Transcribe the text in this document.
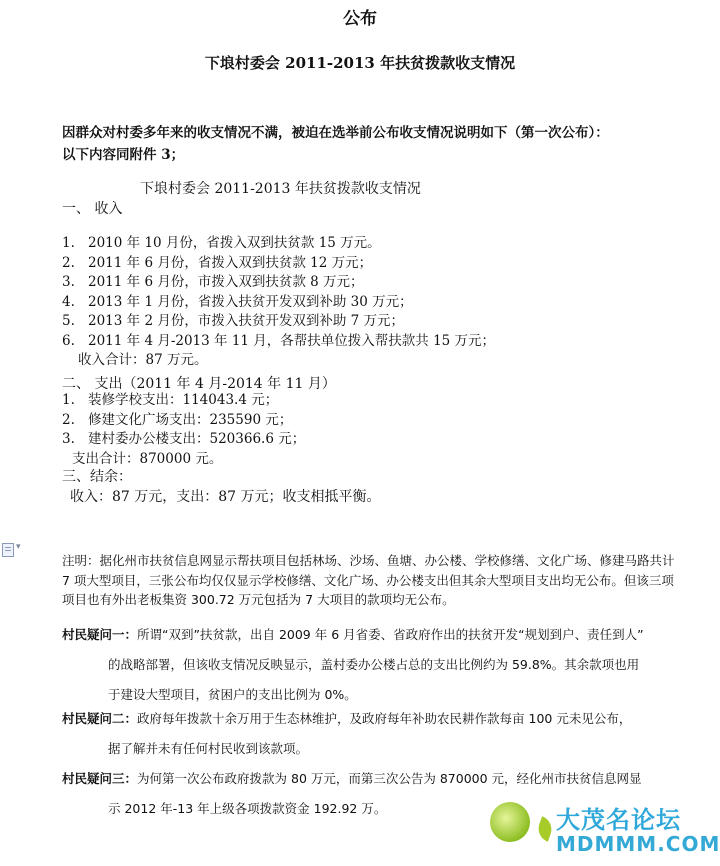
公布
下埌村委会 2011-2013 年扶贫拨款收支情况
因群众对村委多年来的收支情况不满，被迫在选举前公布收支情况说明如下（第一次公布）：
以下内容同附件 3；
下埌村委会 2011-2013 年扶贫拨款收支情况
一、 收入
1. 2010 年 10 月份，省拨入双到扶贫款 15 万元。
2. 2011 年 6 月份，省拨入双到扶贫款 12 万元；
3. 2011 年 6 月份，市拨入双到扶贫款 8 万元；
4. 2013 年 1 月份，省拨入扶贫开发双到补助 30 万元；
5. 2013 年 2 月份，市拨入扶贫开发双到补助 7 万元；
6. 2011 年 4 月-2013 年 11 月，各帮扶单位拨入帮扶款共 15 万元；
收入合计：87 万元。
二、 支出（2011 年 4 月-2014 年 11 月）
1. 装修学校支出：114043.4 元；
2. 修建文化广场支出：235590 元；
3. 建村委办公楼支出：520366.6 元；
支出合计：870000 元。
三、结余：
收入：87 万元，支出：87 万元；收支相抵平衡。
▾
注明：据化州市扶贫信息网显示帮扶项目包括林场、沙场、鱼塘、办公楼、学校修缮、文化广场、修建马路共计 7 项大型项目，三张公布均仅仅显示学校修缮、文化广场、办公楼支出但其余大型项目支出均无公布。但该三项项目也有外出老板集资 300.72 万元包括为 7 大项目的款项均无公布。
村民疑问一：所谓“双到”扶贫款，出自 2009 年 6 月省委、省政府作出的扶贫开发“规划到户、责任到人”
的战略部署，但该收支情况反映显示，盖村委办公楼占总的支出比例约为 59.8%。其余款项也用
于建设大型项目，贫困户的支出比例为 0%。
村民疑问二：政府每年拨款十余万用于生态林维护，及政府每年补助农民耕作款每亩 100 元未见公布，
据了解并未有任何村民收到该款项。
村民疑问三：为何第一次公布政府拨款为 80 万元，而第三次公告为 870000 元，经化州市扶贫信息网显
示 2012 年-13 年上级各项拨款资金 192.92 万。	大茂名论坛
MDMMM.COM
